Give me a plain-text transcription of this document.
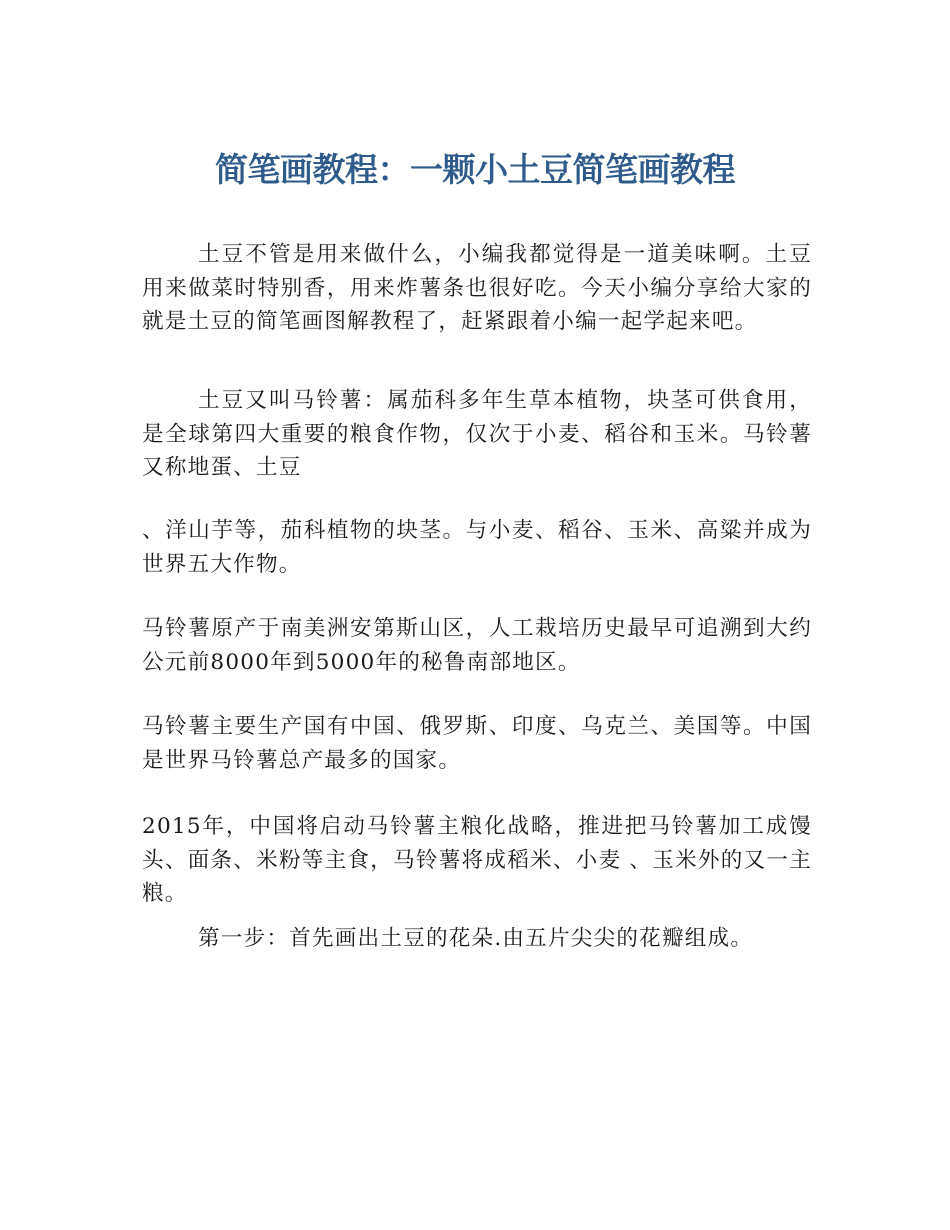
简笔画教程：一颗小土豆简笔画教程

土豆不管是用来做什么，小编我都觉得是一道美味啊。土豆用来做菜时特别香，用来炸薯条也很好吃。今天小编分享给大家的就是土豆的简笔画图解教程了，赶紧跟着小编一起学起来吧。

土豆又叫马铃薯：属茄科多年生草本植物，块茎可供食用，是全球第四大重要的粮食作物，仅次于小麦、稻谷和玉米。马铃薯又称地蛋、土豆

、洋山芋等，茄科植物的块茎。与小麦、稻谷、玉米、高粱并成为世界五大作物。

马铃薯原产于南美洲安第斯山区，人工栽培历史最早可追溯到大约公元前8000年到5000年的秘鲁南部地区。

马铃薯主要生产国有中国、俄罗斯、印度、乌克兰、美国等。中国是世界马铃薯总产最多的国家。

2015年，中国将启动马铃薯主粮化战略，推进把马铃薯加工成馒头、面条、米粉等主食，马铃薯将成稻米、小麦 、玉米外的又一主粮。

第一步：首先画出土豆的花朵.由五片尖尖的花瓣组成。
